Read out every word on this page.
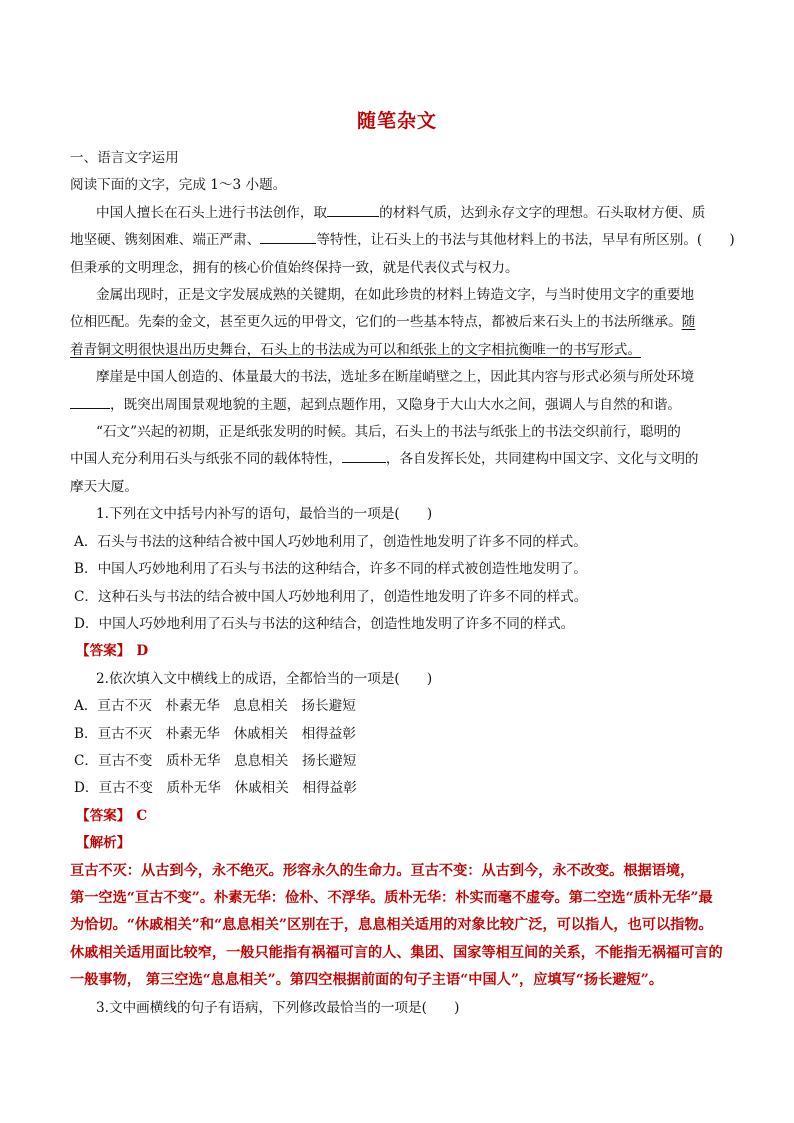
随笔杂文
一、语言文字运用
阅读下面的文字，完成 1～3 小题。
中国人擅长在石头上进行书法创作，取	的材料气质，达到永存文字的理想。石头取材方便、质
地坚硬、镌刻困难、端正严肃、	等特性，让石头上的书法与其他材料上的书法，早早有所区别。(　　)
但秉承的文明理念，拥有的核心价值始终保持一致，就是代表仪式与权力。
金属出现时，正是文字发展成熟的关键期，在如此珍贵的材料上铸造文字，与当时使用文字的重要地
位相匹配。先秦的金文，甚至更久远的甲骨文，它们的一些基本特点，都被后来石头上的书法所继承。随
着青铜文明很快退出历史舞台，石头上的书法成为可以和纸张上的文字相抗衡唯一的书写形式。
摩崖是中国人创造的、体量最大的书法，选址多在断崖峭壁之上，因此其内容与形式必须与所处环境
，既突出周围景观地貌的主题，起到点题作用，又隐身于大山大水之间，强调人与自然的和谐。
“石文”兴起的初期，正是纸张发明的时候。其后，石头上的书法与纸张上的书法交织前行，聪明的
中国人充分利用石头与纸张不同的载体特性，	，各自发挥长处，共同建构中国文字、文化与文明的
摩天大厦。
1.下列在文中括号内补写的语句，最恰当的一项是(　　)
A．石头与书法的这种结合被中国人巧妙地利用了，创造性地发明了许多不同的样式。
B．中国人巧妙地利用了石头与书法的这种结合，许多不同的样式被创造性地发明了。
C．这种石头与书法的结合被中国人巧妙地利用了，创造性地发明了许多不同的样式。
D．中国人巧妙地利用了石头与书法的这种结合，创造性地发明了许多不同的样式。
【答案】 D
2.依次填入文中横线上的成语，全都恰当的一项是(　　)
A．亘古不灭 朴素无华 息息相关 扬长避短
B．亘古不灭 朴素无华 休戚相关 相得益彰
C．亘古不变 质朴无华 息息相关 扬长避短
D．亘古不变 质朴无华 休戚相关 相得益彰
【答案】 C
【解析】
亘古不灭：从古到今，永不绝灭。形容永久的生命力。亘古不变：从古到今，永不改变。根据语境，
第一空选“亘古不变”。朴素无华：俭朴、不浮华。质朴无华：朴实而毫不虚夸。第二空选“质朴无华”最
为恰切。“休戚相关”和“息息相关”区别在于，息息相关适用的对象比较广泛，可以指人，也可以指物。
休戚相关适用面比较窄，一般只能指有祸福可言的人、集团、国家等相互间的关系，不能指无祸福可言的
一般事物， 第三空选“息息相关”。第四空根据前面的句子主语“中国人”，应填写“扬长避短”。
3.文中画横线的句子有语病，下列修改最恰当的一项是(　　)
